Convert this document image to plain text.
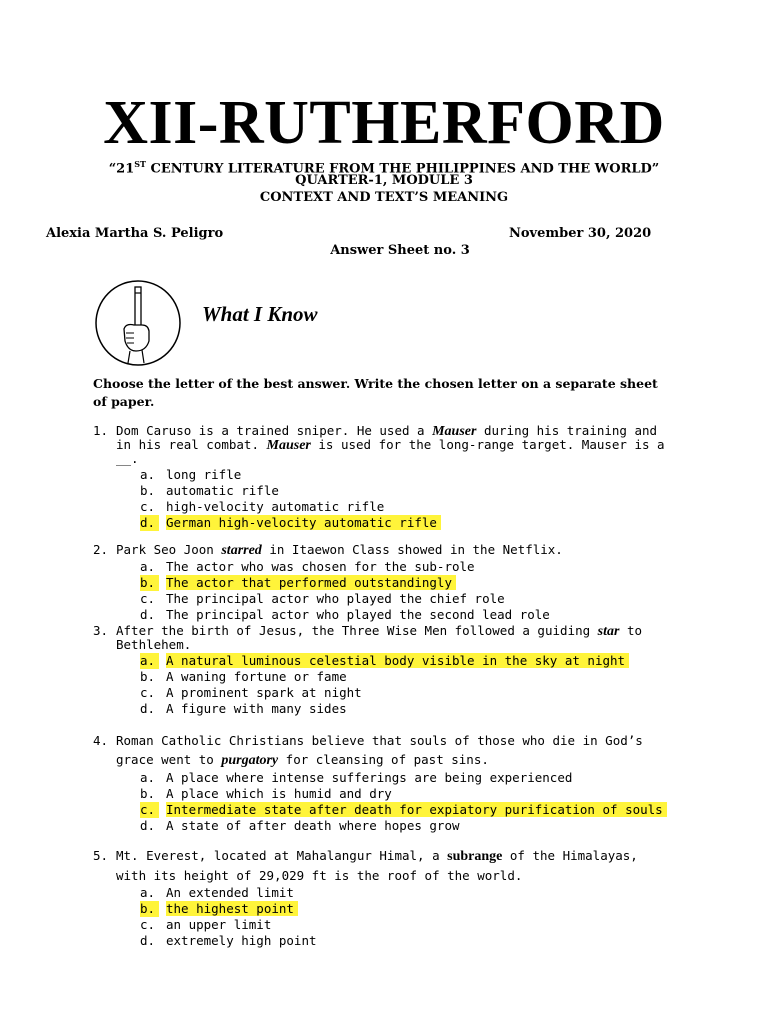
XII-RUTHERFORD
“21ST CENTURY LITERATURE FROM THE PHILIPPINES AND THE WORLD”
QUARTER-1, MODULE 3
CONTEXT AND TEXT’S MEANING
Alexia Martha S. Peligro	November 30, 2020
Answer Sheet no. 3
What I Know
Choose the letter of the best answer. Write the chosen letter on a separate sheet of paper.
1. Dom Caruso is a trained sniper. He used a Mauser during his training and in his real combat. Mauser is used for the long-range target. Mauser is a __.
a. long rifle
b. automatic rifle
c. high-velocity automatic rifle
d. German high-velocity automatic rifle
2. Park Seo Joon starred in Itaewon Class showed in the Netflix.
a. The actor who was chosen for the sub-role
b. The actor that performed outstandingly
c. The principal actor who played the chief role
d. The principal actor who played the second lead role
3. After the birth of Jesus, the Three Wise Men followed a guiding star to Bethlehem.
a. A natural luminous celestial body visible in the sky at night
b. A waning fortune or fame
c. A prominent spark at night
d. A figure with many sides
4. Roman Catholic Christians believe that souls of those who die in God’s grace went to purgatory for cleansing of past sins.
a. A place where intense sufferings are being experienced
b. A place which is humid and dry
c. Intermediate state after death for expiatory purification of souls
d. A state of after death where hopes grow
5. Mt. Everest, located at Mahalangur Himal, a subrange of the Himalayas, with its height of 29,029 ft is the roof of the world.
a. An extended limit
b. the highest point
c. an upper limit
d. extremely high point
